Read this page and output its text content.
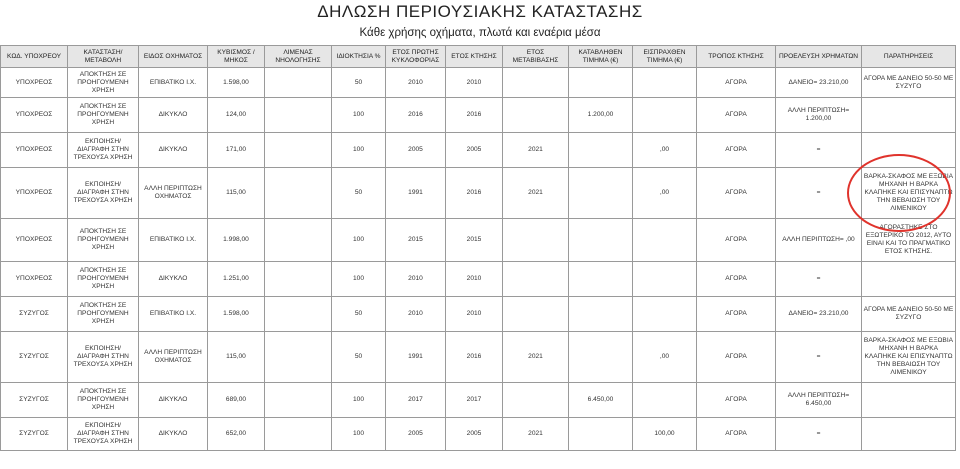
ΔΗΛΩΣΗ ΠΕΡΙΟΥΣΙΑΚΗΣ ΚΑΤΑΣΤΑΣΗΣ
Κάθε χρήσης οχήματα, πλωτά και εναέρια μέσα
ΚΩΔ. ΥΠΟΧΡΕΟΥ	ΚΑΤΑΣΤΑΣΗ/ ΜΕΤΑΒΟΛΗ	ΕΙΔΟΣ ΟΧΗΜΑΤΟΣ	ΚΥΒΙΣΜΟΣ / ΜΗΚΟΣ	ΛΙΜΕΝΑΣ ΝΗΟΛΟΓΗΣΗΣ	ΙΔΙΟΚΤΗΣΙΑ %	ΕΤΟΣ ΠΡΩΤΗΣ ΚΥΚΛΟΦΟΡΙΑΣ	ΕΤΟΣ ΚΤΗΣΗΣ	ΕΤΟΣ ΜΕΤΑΒΙΒΑΣΗΣ	ΚΑΤΑΒΛΗΘΕΝ ΤΙΜΗΜΑ (€)	ΕΙΣΠΡΑΧΘΕΝ ΤΙΜΗΜΑ (€)	ΤΡΟΠΟΣ ΚΤΗΣΗΣ	ΠΡΟΕΛΕΥΣΗ ΧΡΗΜΑΤΩΝ	ΠΑΡΑΤΗΡΗΣΕΙΣ
ΥΠΟΧΡΕΟΣ	ΑΠΟΚΤΗΣΗ ΣΕ ΠΡΟΗΓΟΥΜΕΝΗ ΧΡΗΣΗ	ΕΠΙΒΑΤΙΚΟ Ι.Χ.	1.598,00		50	2010	2010				ΑΓΟΡΑ	ΔΑΝΕΙΟ= 23.210,00	ΑΓΟΡΑ ΜΕ ΔΑΝΕΙΟ 50-50 ΜΕ ΣΥΖΥΓΟ
ΥΠΟΧΡΕΟΣ	ΑΠΟΚΤΗΣΗ ΣΕ ΠΡΟΗΓΟΥΜΕΝΗ ΧΡΗΣΗ	ΔΙΚΥΚΛΟ	124,00		100	2016	2016		1.200,00		ΑΓΟΡΑ	ΑΛΛΗ ΠΕΡΙΠΤΩΣΗ= 1.200,00	
ΥΠΟΧΡΕΟΣ	ΕΚΠΟΙΗΣΗ/ΔΙΑΓΡΑΦΗ ΣΤΗΝ ΤΡΕΧΟΥΣΑ ΧΡΗΣΗ	ΔΙΚΥΚΛΟ	171,00		100	2005	2005	2021		,00	ΑΓΟΡΑ	=	
ΥΠΟΧΡΕΟΣ	ΕΚΠΟΙΗΣΗ/ΔΙΑΓΡΑΦΗ ΣΤΗΝ ΤΡΕΧΟΥΣΑ ΧΡΗΣΗ	ΑΛΛΗ ΠΕΡΙΠΤΩΣΗ ΟΧΗΜΑΤΟΣ	115,00		50	1991	2016	2021		,00	ΑΓΟΡΑ	=	ΒΑΡΚΑ-ΣΚΑΦΟΣ ΜΕ ΕΞΩΒΙΑ ΜΗΧΑΝΗ Η ΒΑΡΚΑ ΚΛΑΠΗΚΕ ΚΑΙ ΕΠΙΣΥΝΑΠΤΩ ΤΗΝ ΒΕΒΑΙΩΣΗ ΤΟΥ ΛΙΜΕΝΙΚΟΥ
ΥΠΟΧΡΕΟΣ	ΑΠΟΚΤΗΣΗ ΣΕ ΠΡΟΗΓΟΥΜΕΝΗ ΧΡΗΣΗ	ΕΠΙΒΑΤΙΚΟ Ι.Χ.	1.998,00		100	2015	2015				ΑΓΟΡΑ	ΑΛΛΗ ΠΕΡΙΠΤΩΣΗ= ,00	ΑΓΟΡΑΣΤΗΚΕ ΣΤΟ ΕΞΩΤΕΡΙΚΟ ΤΟ 2012, ΑΥΤΟ ΕΙΝΑΙ ΚΑΙ ΤΟ ΠΡΑΓΜΑΤΙΚΟ ΕΤΟΣ ΚΤΗΣΗΣ.
ΥΠΟΧΡΕΟΣ	ΑΠΟΚΤΗΣΗ ΣΕ ΠΡΟΗΓΟΥΜΕΝΗ ΧΡΗΣΗ	ΔΙΚΥΚΛΟ	1.251,00		100	2010	2010				ΑΓΟΡΑ	=	
ΣΥΖΥΓΟΣ	ΑΠΟΚΤΗΣΗ ΣΕ ΠΡΟΗΓΟΥΜΕΝΗ ΧΡΗΣΗ	ΕΠΙΒΑΤΙΚΟ Ι.Χ.	1.598,00		50	2010	2010				ΑΓΟΡΑ	ΔΑΝΕΙΟ= 23.210,00	ΑΓΟΡΑ ΜΕ ΔΑΝΕΙΟ 50-50 ΜΕ ΣΥΖΥΓΟ
ΣΥΖΥΓΟΣ	ΕΚΠΟΙΗΣΗ/ΔΙΑΓΡΑΦΗ ΣΤΗΝ ΤΡΕΧΟΥΣΑ ΧΡΗΣΗ	ΑΛΛΗ ΠΕΡΙΠΤΩΣΗ ΟΧΗΜΑΤΟΣ	115,00		50	1991	2016	2021		,00	ΑΓΟΡΑ	=	ΒΑΡΚΑ-ΣΚΑΦΟΣ ΜΕ ΕΞΩΒΙΑ ΜΗΧΑΝΗ Η ΒΑΡΚΑ ΚΛΑΠΗΚΕ ΚΑΙ ΕΠΙΣΥΝΑΠΤΩ ΤΗΝ ΒΕΒΑΙΩΣΗ ΤΟΥ ΛΙΜΕΝΙΚΟΥ
ΣΥΖΥΓΟΣ	ΑΠΟΚΤΗΣΗ ΣΕ ΠΡΟΗΓΟΥΜΕΝΗ ΧΡΗΣΗ	ΔΙΚΥΚΛΟ	689,00		100	2017	2017		6.450,00		ΑΓΟΡΑ	ΑΛΛΗ ΠΕΡΙΠΤΩΣΗ= 6.450,00	
ΣΥΖΥΓΟΣ	ΕΚΠΟΙΗΣΗ/ΔΙΑΓΡΑΦΗ ΣΤΗΝ ΤΡΕΧΟΥΣΑ ΧΡΗΣΗ	ΔΙΚΥΚΛΟ	652,00		100	2005	2005	2021		100,00	ΑΓΟΡΑ	=	
